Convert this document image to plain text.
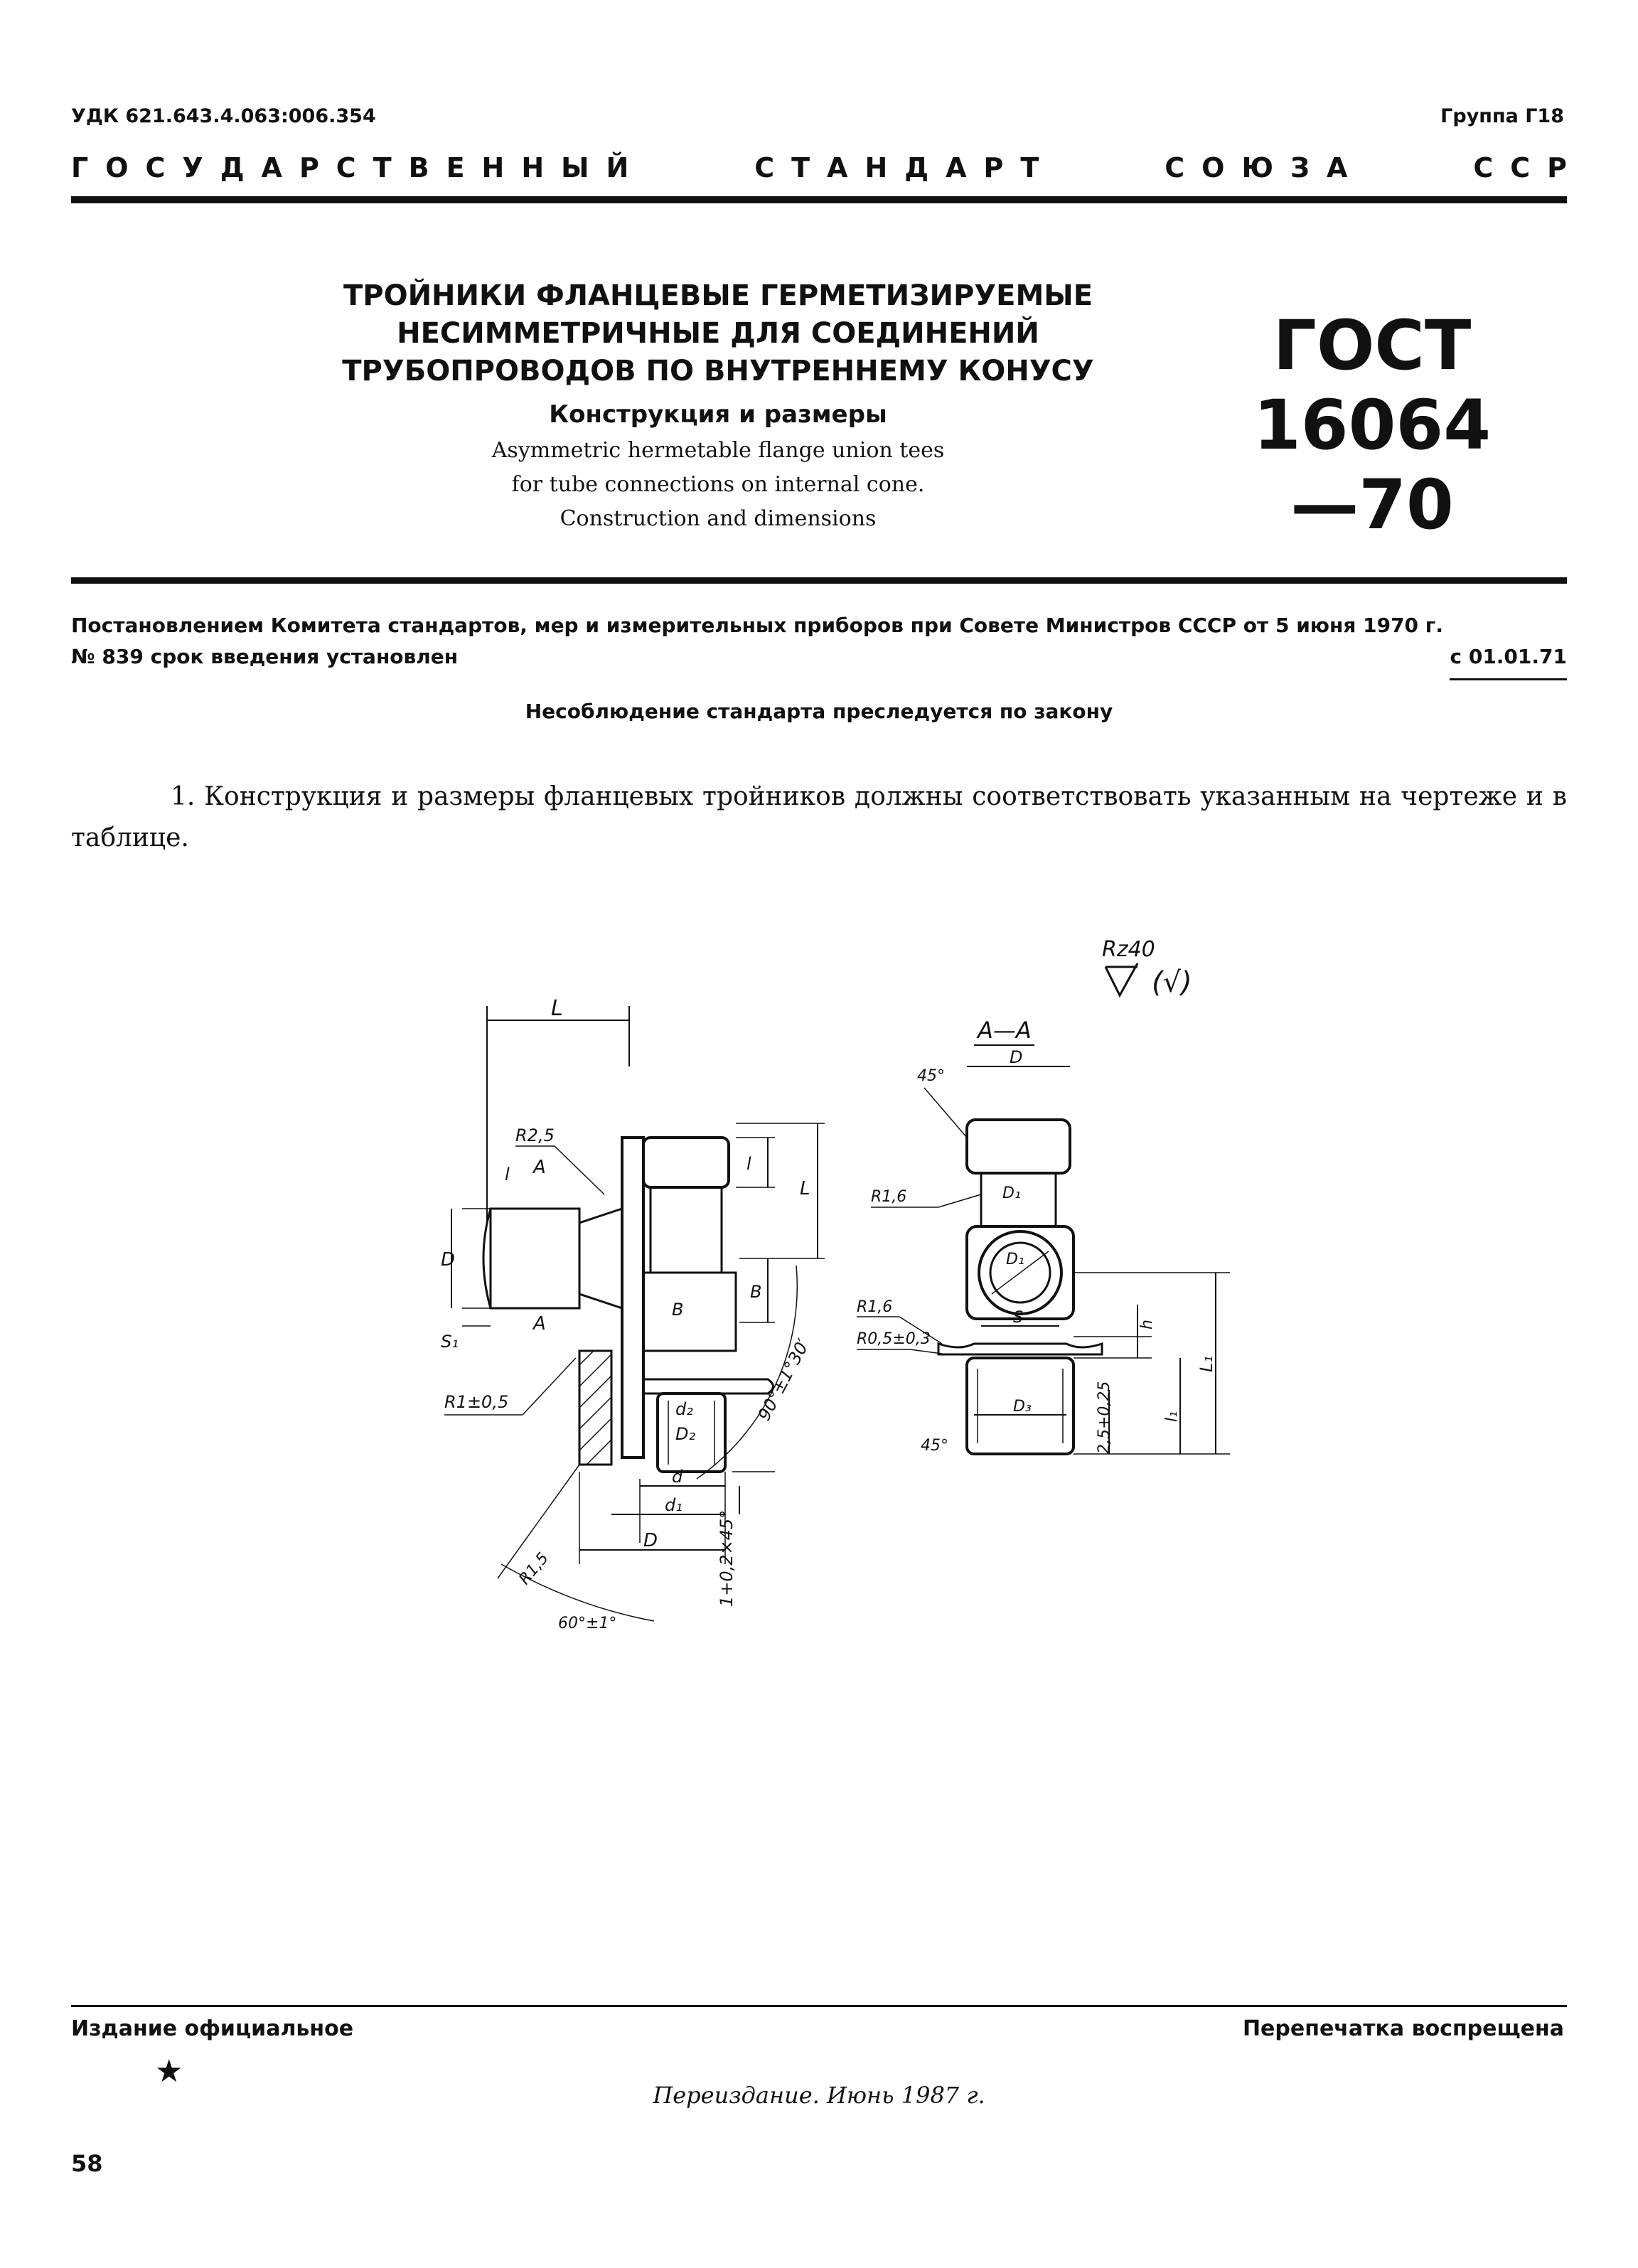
УДК 621.643.4.063:006.354	Группа Г18
ГОСУДАРСТВЕННЫЙ	СТАНДАРТ	СОЮЗА	ССР
ТРОЙНИКИ ФЛАНЦЕВЫЕ ГЕРМЕТИЗИРУЕМЫЕ
НЕСИММЕТРИЧНЫЕ ДЛЯ СОЕДИНЕНИЙ
ТРУБОПРОВОДОВ ПО ВНУТРЕННЕМУ КОНУСУ
Конструкция и размеры
Asymmetric hermetable flange union tees
for tube connections on internal cone.
Construction and dimensions
ГОСТ
16064—70
Постановлением Комитета стандартов, мер и измерительных приборов при Совете Министров СССР от 5 июня 1970 г.
№ 839 срок введения установлен	с 01.01.71
Несоблюдение стандарта преследуется по закону
1. Конструкция и размеры фланцевых тройников должны соответствовать указанным на чертеже и в таблице.
Rz40
(√)
L
D
S₁
R2,5
l A
A
R1±0,5
l
L
B
B
d₂
D₂
d
d₁
D	1+0,2×45°
90°±1°30′
60°±1°
R1,5
А—А
D
45°
D₁
R1,6
D₁
S
R1,6
R0,5±0,3
D₃
45°
h
L₁
l₁
2,5+0,25
Издание официальное
★
Перепечатка воспрещена
Переиздание. Июнь 1987 г.
58
